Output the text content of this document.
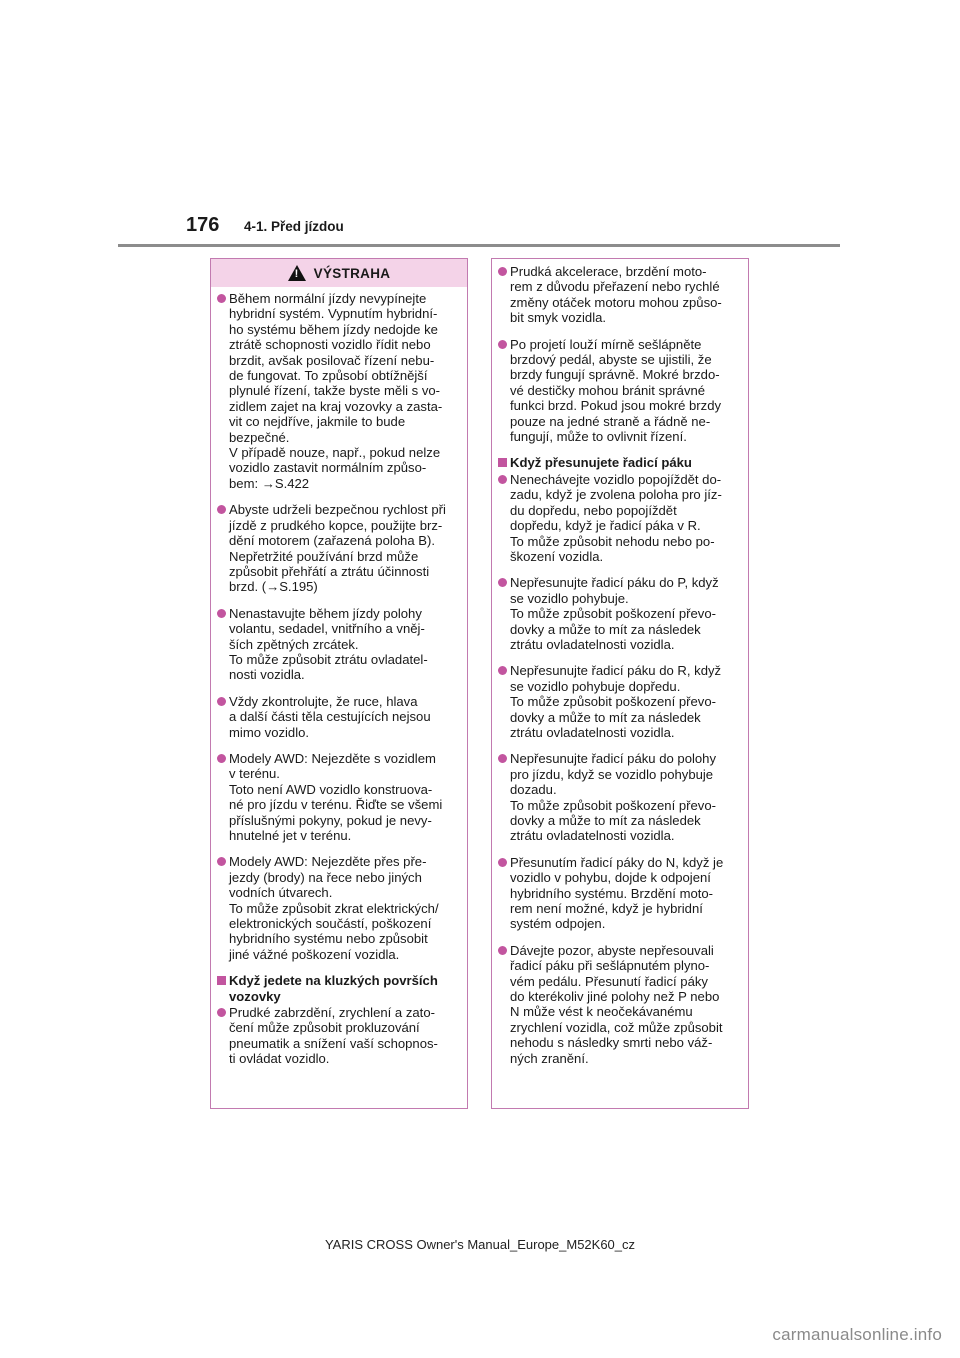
176 4-1. Před jízdou
!
VÝSTRAHA

Během normální jízdy nevypínejte

hybridní systém. Vypnutím hybridní-

ho systému během jízdy nedojde ke

ztrátě schopnosti vozidlo řídit nebo

brzdit, avšak posilovač řízení nebu-

de fungovat. To způsobí obtížnější

plynulé řízení, takže byste měli s vo-

zidlem zajet na kraj vozovky a zasta-

vit co nejdříve, jakmile to bude

bezpečné.

V případě nouze, např., pokud nelze

vozidlo zastavit normálním způso-

bem: →S.422

Abyste udrželi bezpečnou rychlost při

jízdě z prudkého kopce, použijte brz-

dění motorem (zařazená poloha B).

Nepřetržité používání brzd může

způsobit přehřátí a ztrátu účinnosti

brzd. (→S.195)

Nenastavujte během jízdy polohy

volantu, sedadel, vnitřního a vněj-

ších zpětných zrcátek.

To může způsobit ztrátu ovladatel-

nosti vozidla.

Vždy zkontrolujte, že ruce, hlava

a další části těla cestujících nejsou

mimo vozidlo.

Modely AWD: Nejezděte s vozidlem

v terénu.

Toto není AWD vozidlo konstruova-

né pro jízdu v terénu. Řiďte se všemi

příslušnými pokyny, pokud je nevy-

hnutelné jet v terénu.

Modely AWD: Nejezděte přes pře-

jezdy (brody) na řece nebo jiných

vodních útvarech.

To může způsobit zkrat elektrických/

elektronických součástí, poškození

hybridního systému nebo způsobit

jiné vážné poškození vozidla.

Když jedete na kluzkých površích

vozovky

Prudké zabrzdění, zrychlení a zato-

čení může způsobit prokluzování

pneumatik a snížení vaší schopnos-

ti ovládat vozidlo.

Prudká akcelerace, brzdění moto-

rem z důvodu přeřazení nebo rychlé

změny otáček motoru mohou způso-

bit smyk vozidla.

Po projetí louží mírně sešlápněte

brzdový pedál, abyste se ujistili, že

brzdy fungují správně. Mokré brzdo-

vé destičky mohou bránit správné

funkci brzd. Pokud jsou mokré brzdy

pouze na jedné straně a řádně ne-

fungují, může to ovlivnit řízení.

Když přesunujete řadicí páku

Nenechávejte vozidlo popojíždět do-

zadu, když je zvolena poloha pro jíz-

du dopředu, nebo popojíždět

dopředu, když je řadicí páka v R.

To může způsobit nehodu nebo po-

škození vozidla.

Nepřesunujte řadicí páku do P, když

se vozidlo pohybuje.

To může způsobit poškození převo-

dovky a může to mít za následek

ztrátu ovladatelnosti vozidla.

Nepřesunujte řadicí páku do R, když

se vozidlo pohybuje dopředu.

To může způsobit poškození převo-

dovky a může to mít za následek

ztrátu ovladatelnosti vozidla.

Nepřesunujte řadicí páku do polohy

pro jízdu, když se vozidlo pohybuje

dozadu.

To může způsobit poškození převo-

dovky a může to mít za následek

ztrátu ovladatelnosti vozidla.

Přesunutím řadicí páky do N, když je

vozidlo v pohybu, dojde k odpojení

hybridního systému. Brzdění moto-

rem není možné, když je hybridní

systém odpojen.

Dávejte pozor, abyste nepřesouvali

řadicí páku při sešlápnutém plyno-

vém pedálu. Přesunutí řadicí páky

do kterékoliv jiné polohy než P nebo

N může vést k neočekávanému

zrychlení vozidla, což může způsobit

nehodu s následky smrti nebo váž-

ných zranění.

YARIS CROSS Owner's Manual_Europe_M52K60_cz
carmanualsonline.info
